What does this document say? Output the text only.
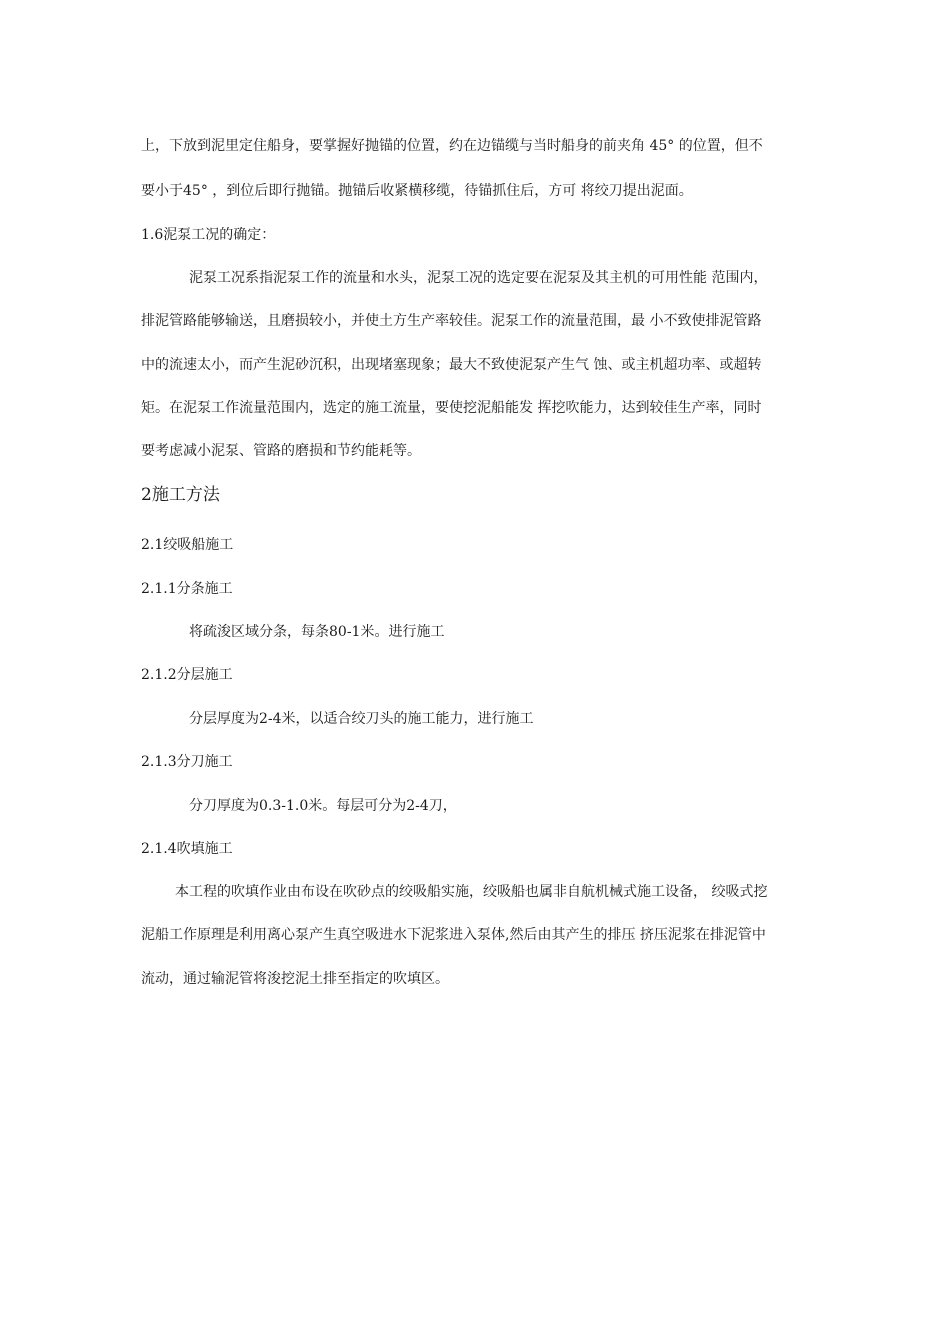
上，下放到泥里定住船身，要掌握好抛锚的位置，约在边锚缆与当时船身的前夹角 45° 的位置，但不
要小于45° ，到位后即行抛锚。抛锚后收紧横移缆，待锚抓住后，方可 将绞刀提出泥面。
1.6泥泵工况的确定：
泥泵工况系指泥泵工作的流量和水头，泥泵工况的选定要在泥泵及其主机的可用性能 范围内，
排泥管路能够输送，且磨损较小，并使土方生产率较佳。泥泵工作的流量范围，最 小不致使排泥管路
中的流速太小，而产生泥砂沉积，出现堵塞现象；最大不致使泥泵产生气 蚀、或主机超功率、或超转
矩。在泥泵工作流量范围内，选定的施工流量，要使挖泥船能发 挥挖吹能力，达到较佳生产率，同时
要考虑减小泥泵、管路的磨损和节约能耗等。
2施工方法
2.1绞吸船施工
2.1.1分条施工
将疏浚区域分条，每条80-1米。进行施工
2.1.2分层施工
分层厚度为2-4米，以适合绞刀头的施工能力，进行施工
2.1.3分刀施工
分刀厚度为0.3-1.0米。每层可分为2-4刀，
2.1.4吹填施工
本工程的吹填作业由布设在吹砂点的绞吸船实施，绞吸船也属非自航机械式施工设备， 绞吸式挖
泥船工作原理是利用离心泵产生真空吸进水下泥浆进入泵体,然后由其产生的排压 挤压泥浆在排泥管中
流动，通过输泥管将浚挖泥土排至指定的吹填区。
